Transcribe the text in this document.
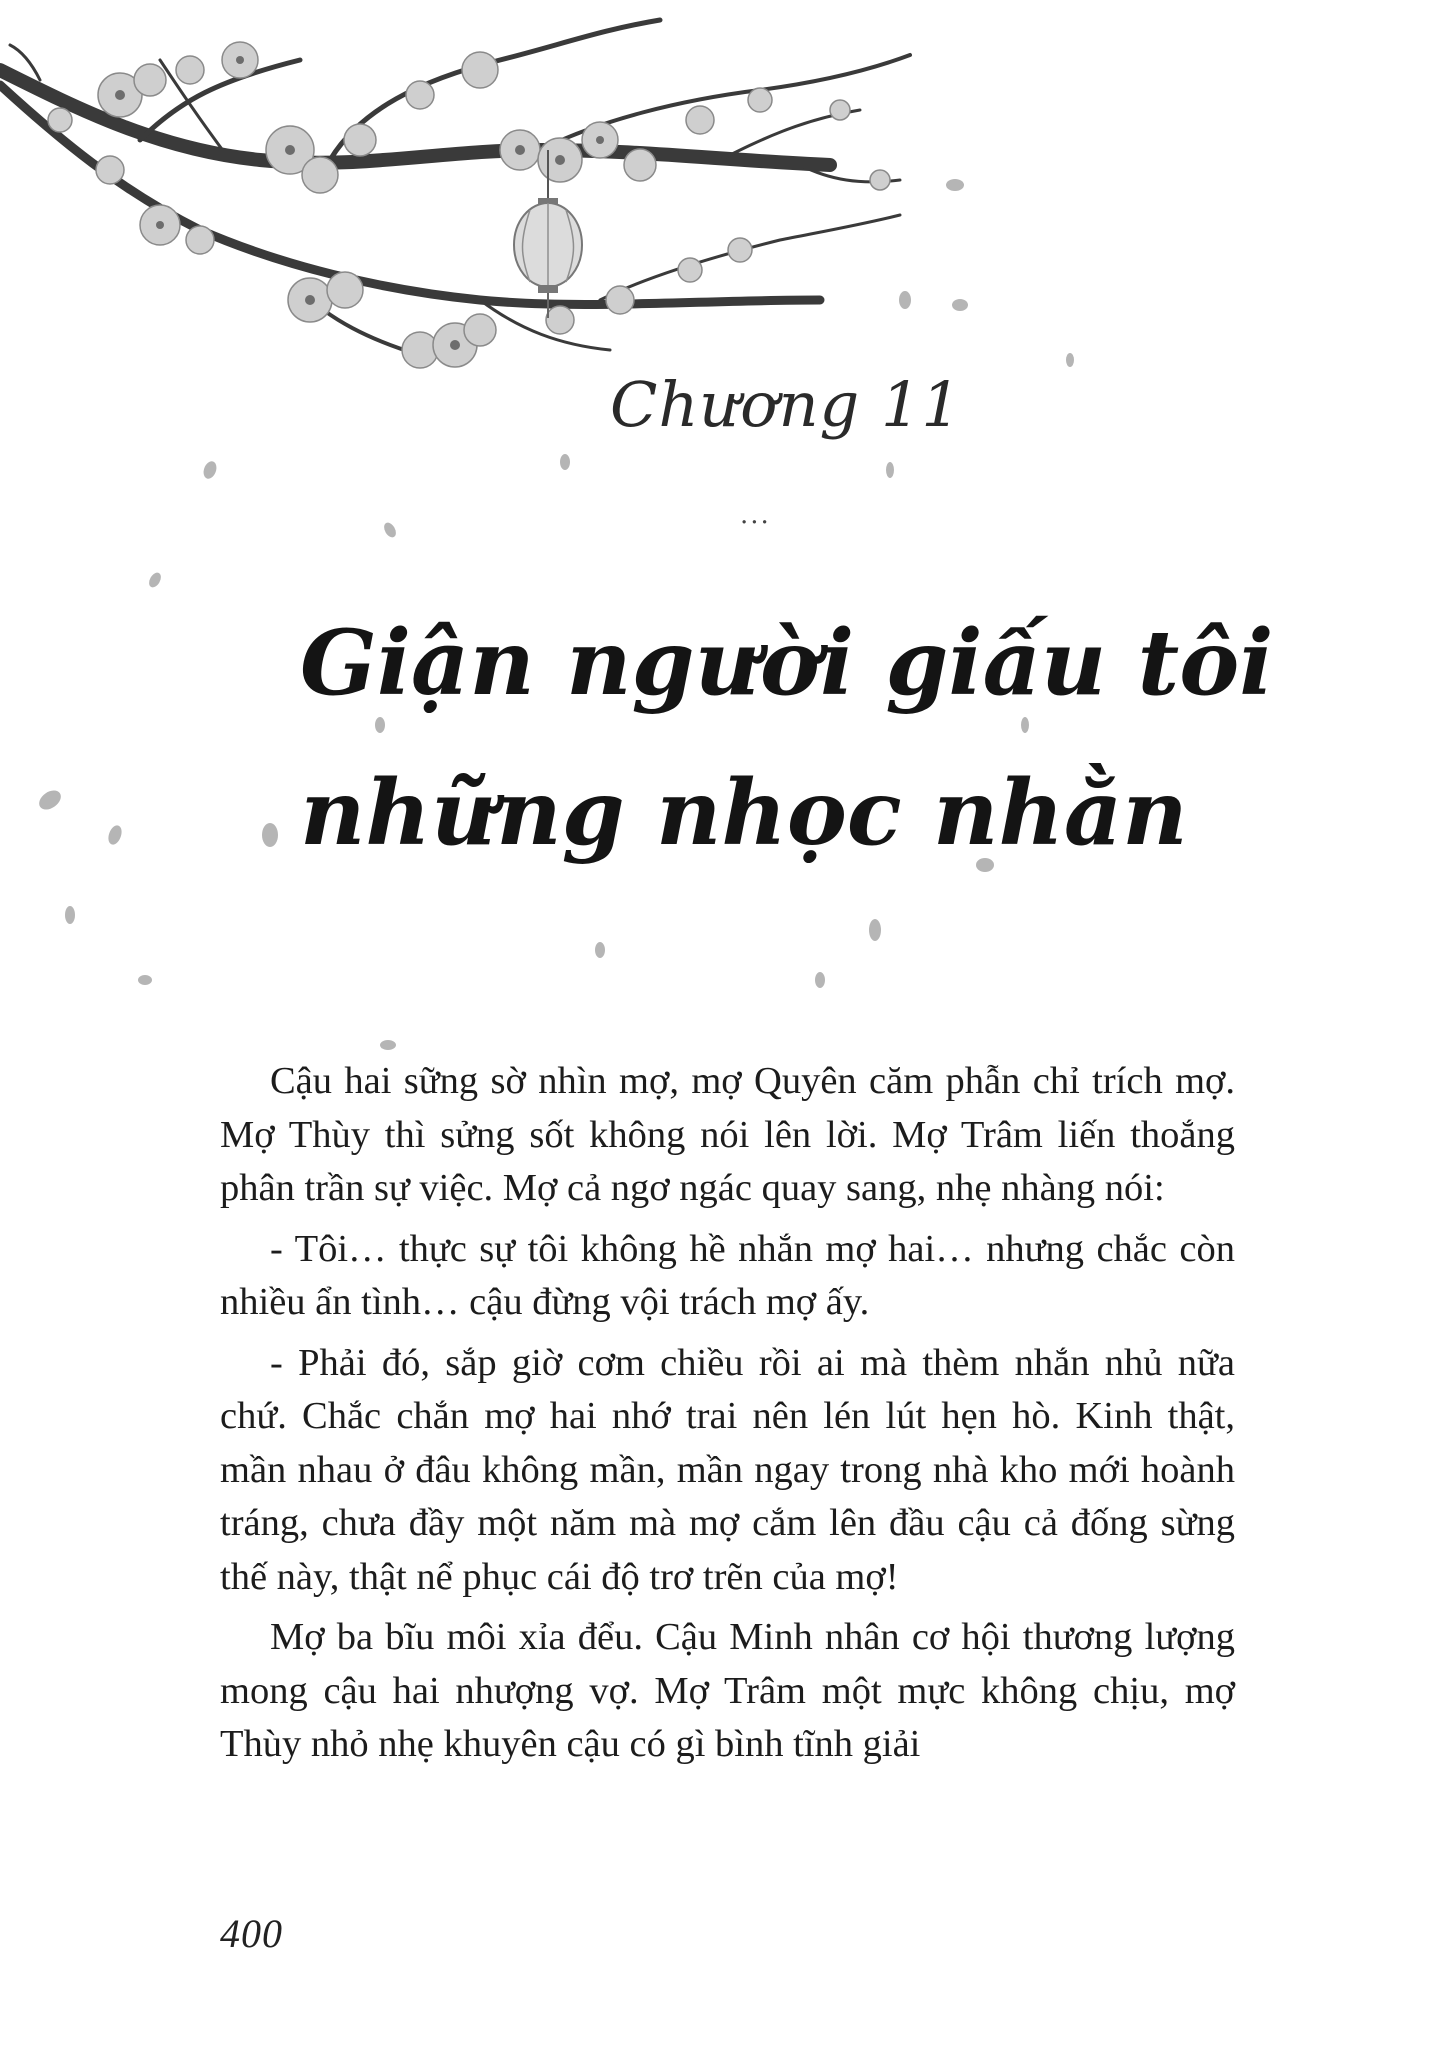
Chương 11
...
Giận người giấu tôi
những nhọc nhằn

Cậu hai sững sờ nhìn mợ, mợ Quyên căm phẫn chỉ trích mợ. Mợ Thùy thì sửng sốt không nói lên lời. Mợ Trâm liến thoắng phân trần sự việc. Mợ cả ngơ ngác quay sang, nhẹ nhàng nói:

- Tôi… thực sự tôi không hề nhắn mợ hai… nhưng chắc còn nhiều ẩn tình… cậu đừng vội trách mợ ấy.

- Phải đó, sắp giờ cơm chiều rồi ai mà thèm nhắn nhủ nữa chứ. Chắc chắn mợ hai nhớ trai nên lén lút hẹn hò. Kinh thật, mần nhau ở đâu không mần, mần ngay trong nhà kho mới hoành tráng, chưa đầy một năm mà mợ cắm lên đầu cậu cả đống sừng thế này, thật nể phục cái độ trơ trẽn của mợ!

Mợ ba bĩu môi xỉa đểu. Cậu Minh nhân cơ hội thương lượng mong cậu hai nhượng vợ. Mợ Trâm một mực không chịu, mợ Thùy nhỏ nhẹ khuyên cậu có gì bình tĩnh giải

400
